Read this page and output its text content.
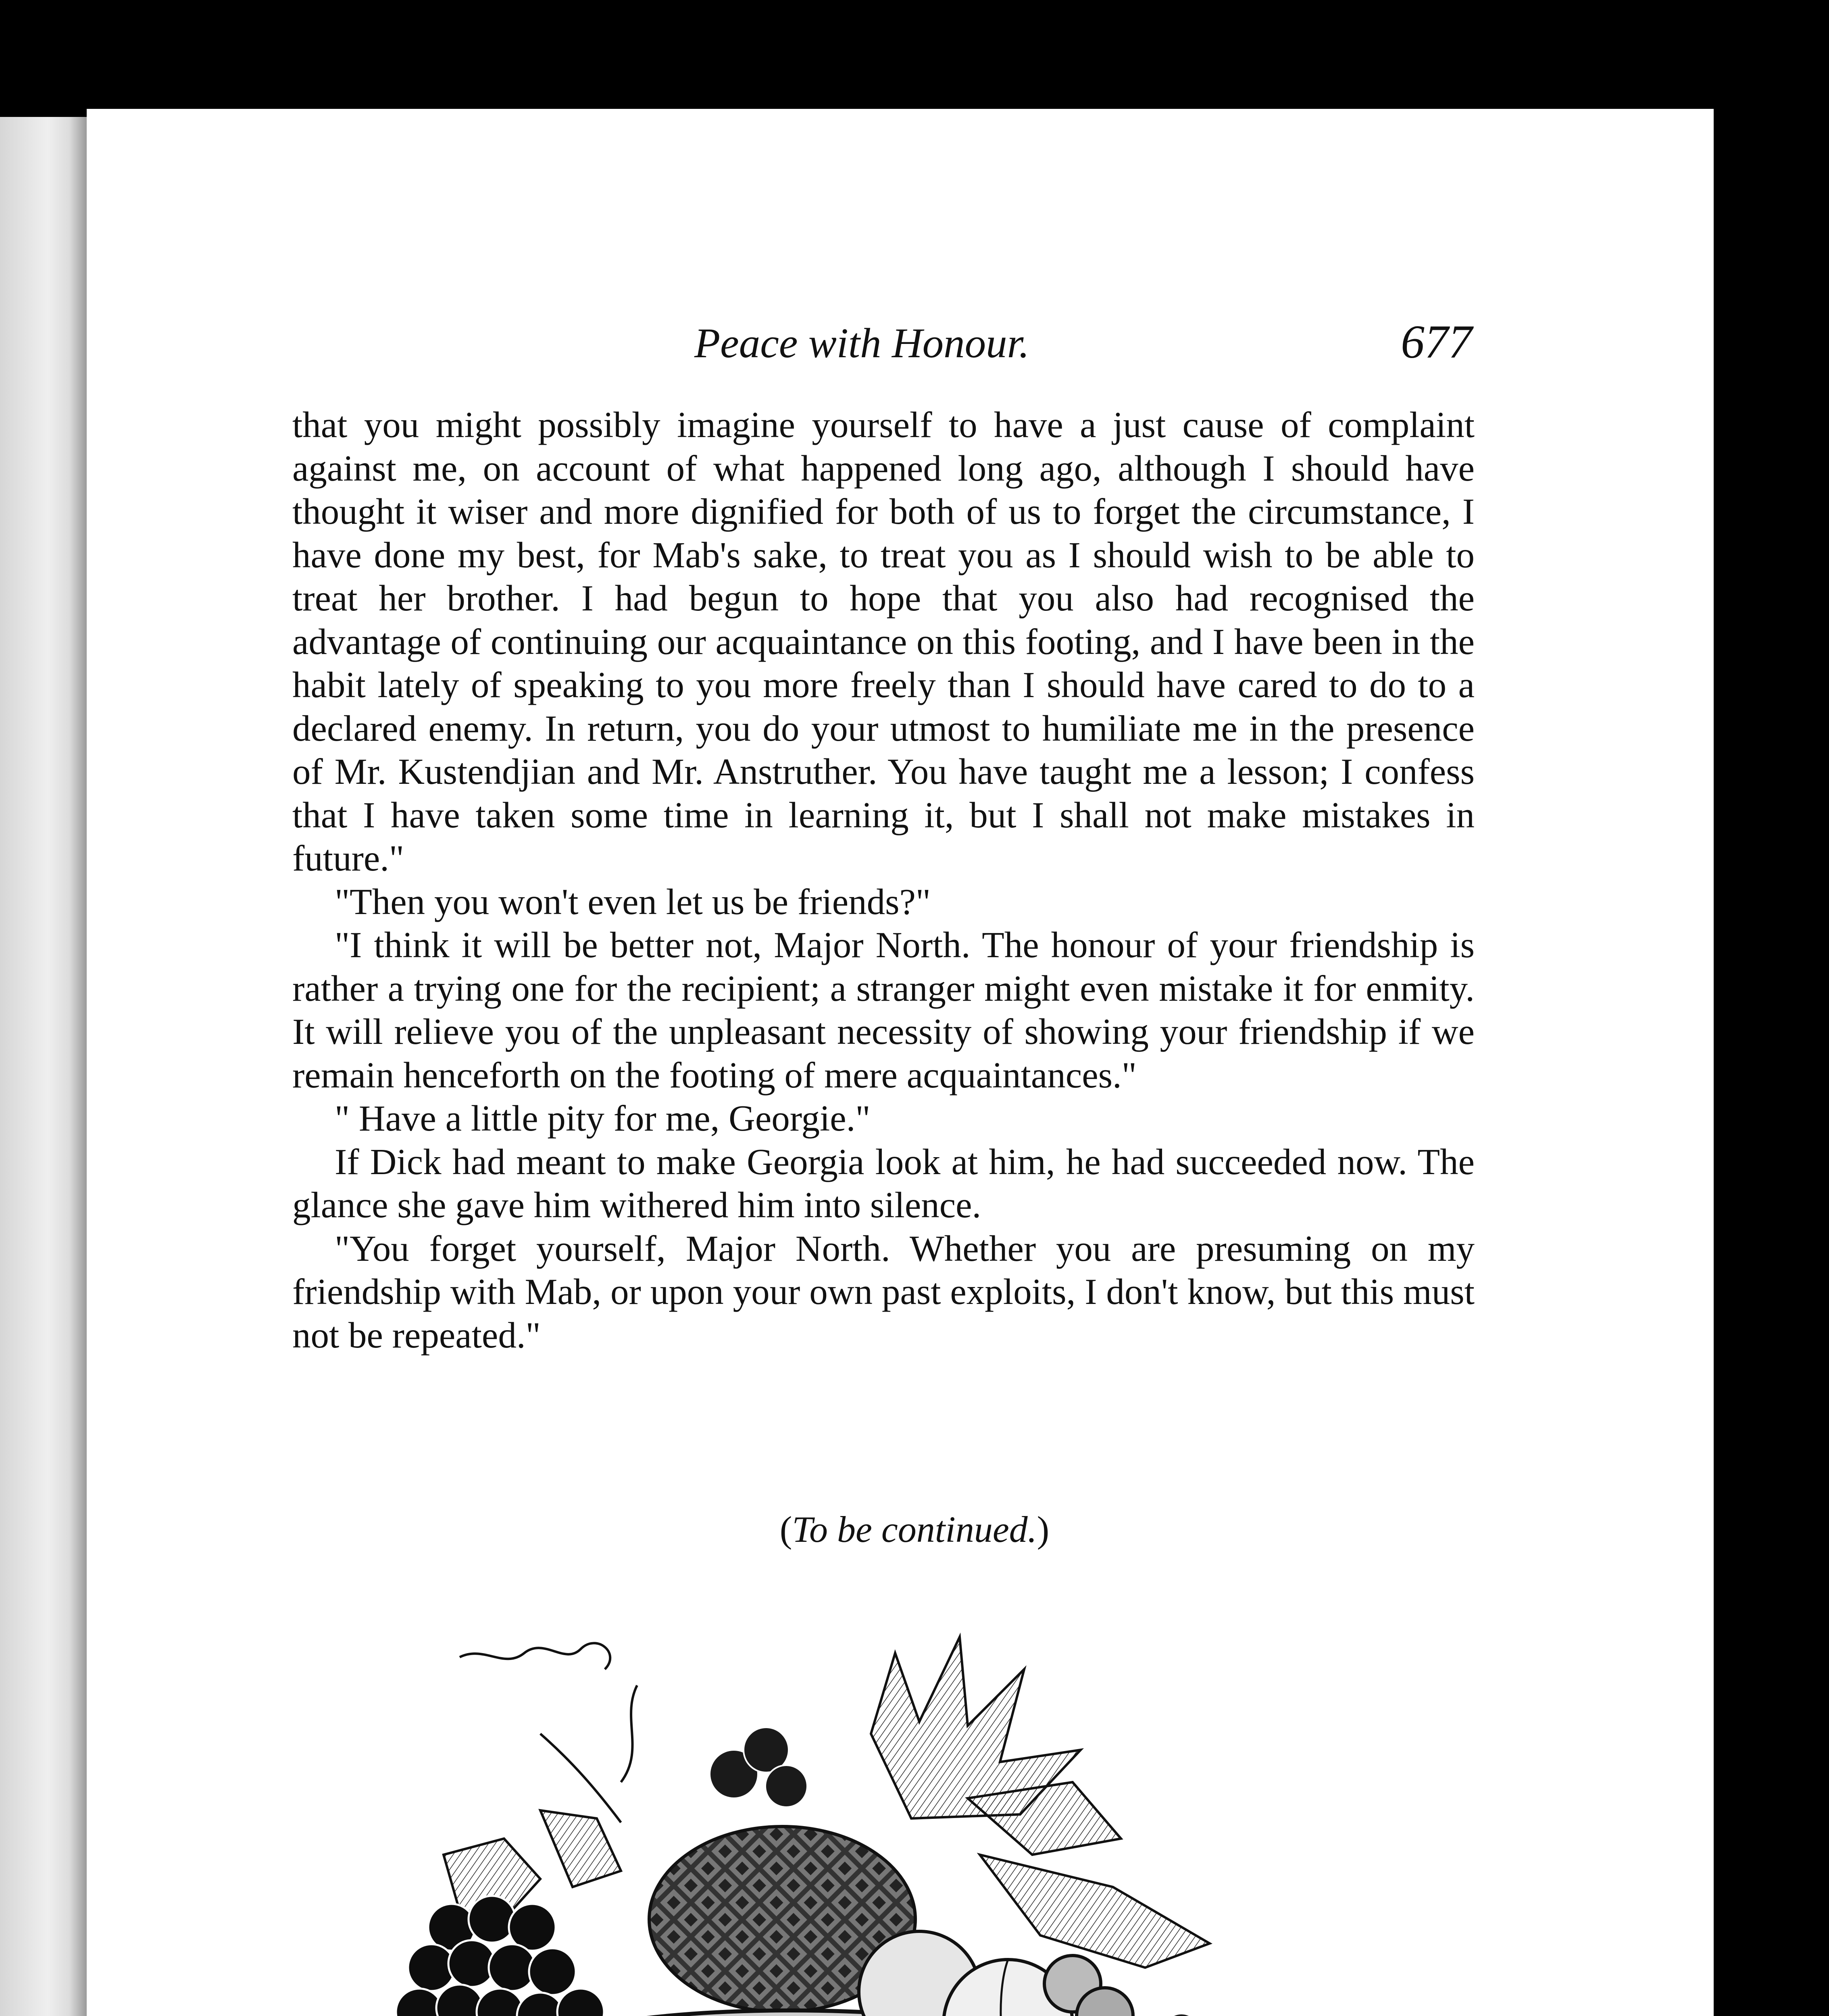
Peace with Honour.	677

that you might possibly imagine yourself to have a just cause of complaint against me, on account of what happened long ago, although I should have thought it wiser and more dignified for both of us to forget the circumstance, I have done my best, for Mab's sake, to treat you as I should wish to be able to treat her brother. I had begun to hope that you also had recognised the advantage of continuing our acquaintance on this footing, and I have been in the habit lately of speaking to you more freely than I should have cared to do to a declared enemy. In return, you do your utmost to humiliate me in the presence of Mr. Kustendjian and Mr. Anstruther. You have taught me a lesson; I confess that I have taken some time in learning it, but I shall not make mistakes in future."

"Then you won't even let us be friends?"

"I think it will be better not, Major North. The honour of your friendship is rather a trying one for the recipient; a stranger might even mistake it for enmity. It will relieve you of the unpleasant necessity of showing your friendship if we remain henceforth on the footing of mere acquaintances."

" Have a little pity for me, Georgie."

If Dick had meant to make Georgia look at him, he had succeeded now. The glance she gave him withered him into silence.

"You forget yourself, Major North. Whether you are presuming on my friendship with Mab, or upon your own past exploits, I don't know, but this must not be repeated."

(To be continued.)
